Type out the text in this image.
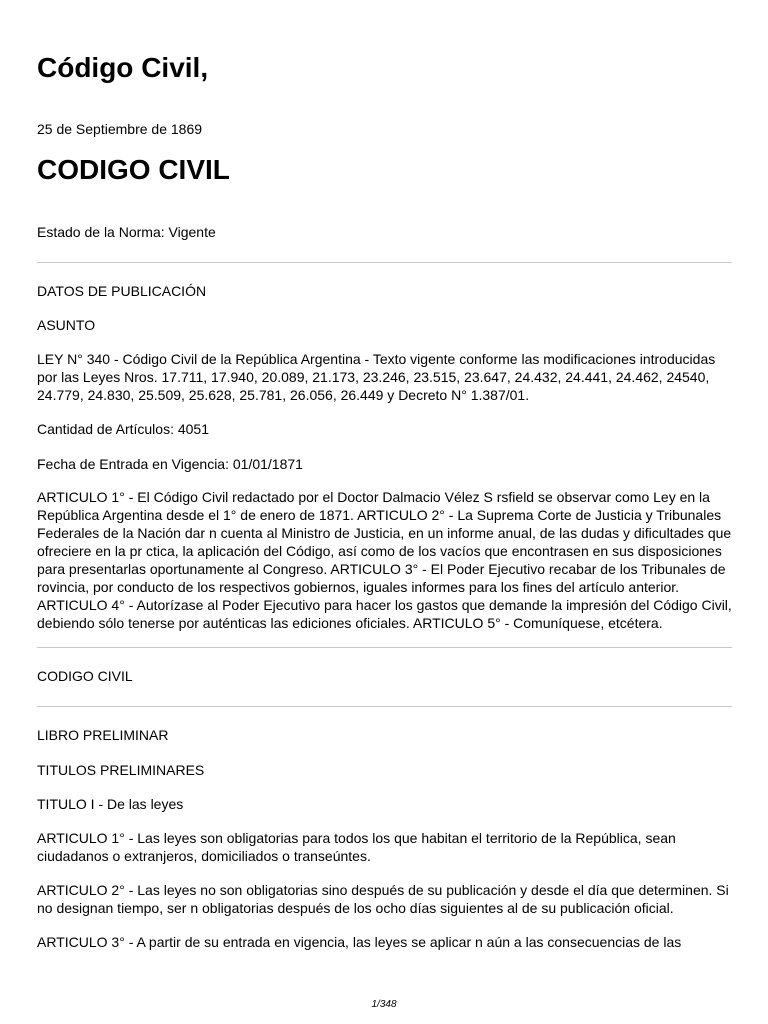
Código Civil,
25 de Septiembre de 1869
CODIGO CIVIL
Estado de la Norma: Vigente
DATOS DE PUBLICACIÓN
ASUNTO
LEY N° 340 - Código Civil de la República Argentina - Texto vigente conforme las modificaciones introducidas por las Leyes Nros. 17.711, 17.940, 20.089, 21.173, 23.246, 23.515, 23.647, 24.432, 24.441, 24.462, 24540, 24.779, 24.830, 25.509, 25.628, 25.781, 26.056, 26.449 y Decreto N° 1.387/01.
Cantidad de Artículos: 4051
Fecha de Entrada en Vigencia: 01/01/1871
ARTICULO 1° - El Código Civil redactado por el Doctor Dalmacio Vélez S rsfield se observar como Ley en la República Argentina desde el 1° de enero de 1871. ARTICULO 2° - La Suprema Corte de Justicia y Tribunales Federales de la Nación dar n cuenta al Ministro de Justicia, en un informe anual, de las dudas y dificultades que ofreciere en la pr ctica, la aplicación del Código, así como de los vacíos que encontrasen en sus disposiciones para presentarlas oportunamente al Congreso. ARTICULO 3° - El Poder Ejecutivo recabar de los Tribunales de rovincia, por conducto de los respectivos gobiernos, iguales informes para los fines del artículo anterior. ARTICULO 4° - Autorízase al Poder Ejecutivo para hacer los gastos que demande la impresión del Código Civil, debiendo sólo tenerse por auténticas las ediciones oficiales. ARTICULO 5° - Comuníquese, etcétera.
CODIGO CIVIL
LIBRO PRELIMINAR
TITULOS PRELIMINARES
TITULO I - De las leyes
ARTICULO 1° - Las leyes son obligatorias para todos los que habitan el territorio de la República, sean ciudadanos o extranjeros, domiciliados o transeúntes.
ARTICULO 2° - Las leyes no son obligatorias sino después de su publicación y desde el día que determinen. Si no designan tiempo, ser n obligatorias después de los ocho días siguientes al de su publicación oficial.
ARTICULO 3° - A partir de su entrada en vigencia, las leyes se aplicar n aún a las consecuencias de las
1/348
